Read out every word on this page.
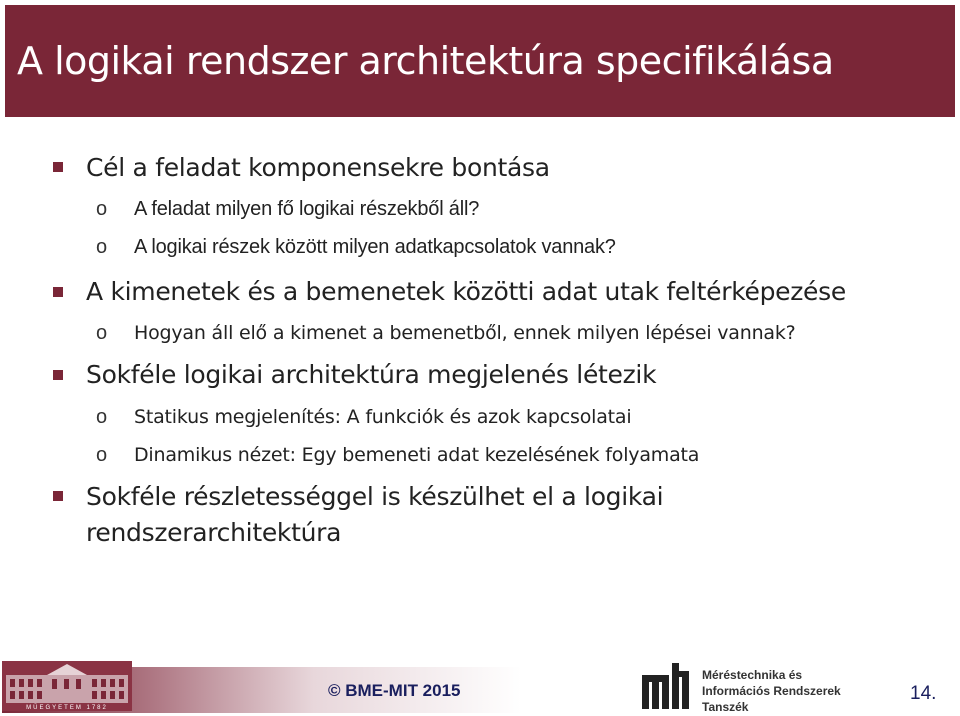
A logikai rendszer architektúra specifikálása
Cél a feladat komponensekre bontása
o A feladat milyen fő logikai részekből áll?
o A logikai részek között milyen adatkapcsolatok vannak?
A kimenetek és a bemenetek közötti adat utak feltérképezése
o Hogyan áll elő a kimenet a bemenetből, ennek milyen lépései vannak?
Sokféle logikai architektúra megjelenés létezik
o Statikus megjelenítés: A funkciók és azok kapcsolatai
o Dinamikus nézet: Egy bemeneti adat kezelésének folyamata
Sokféle részletességgel is készülhet el a logikai
rendszerarchitektúra
MŰEGYETEM 1782
© BME-MIT 2015
Méréstechnika és
Információs Rendszerek
Tanszék
14.
